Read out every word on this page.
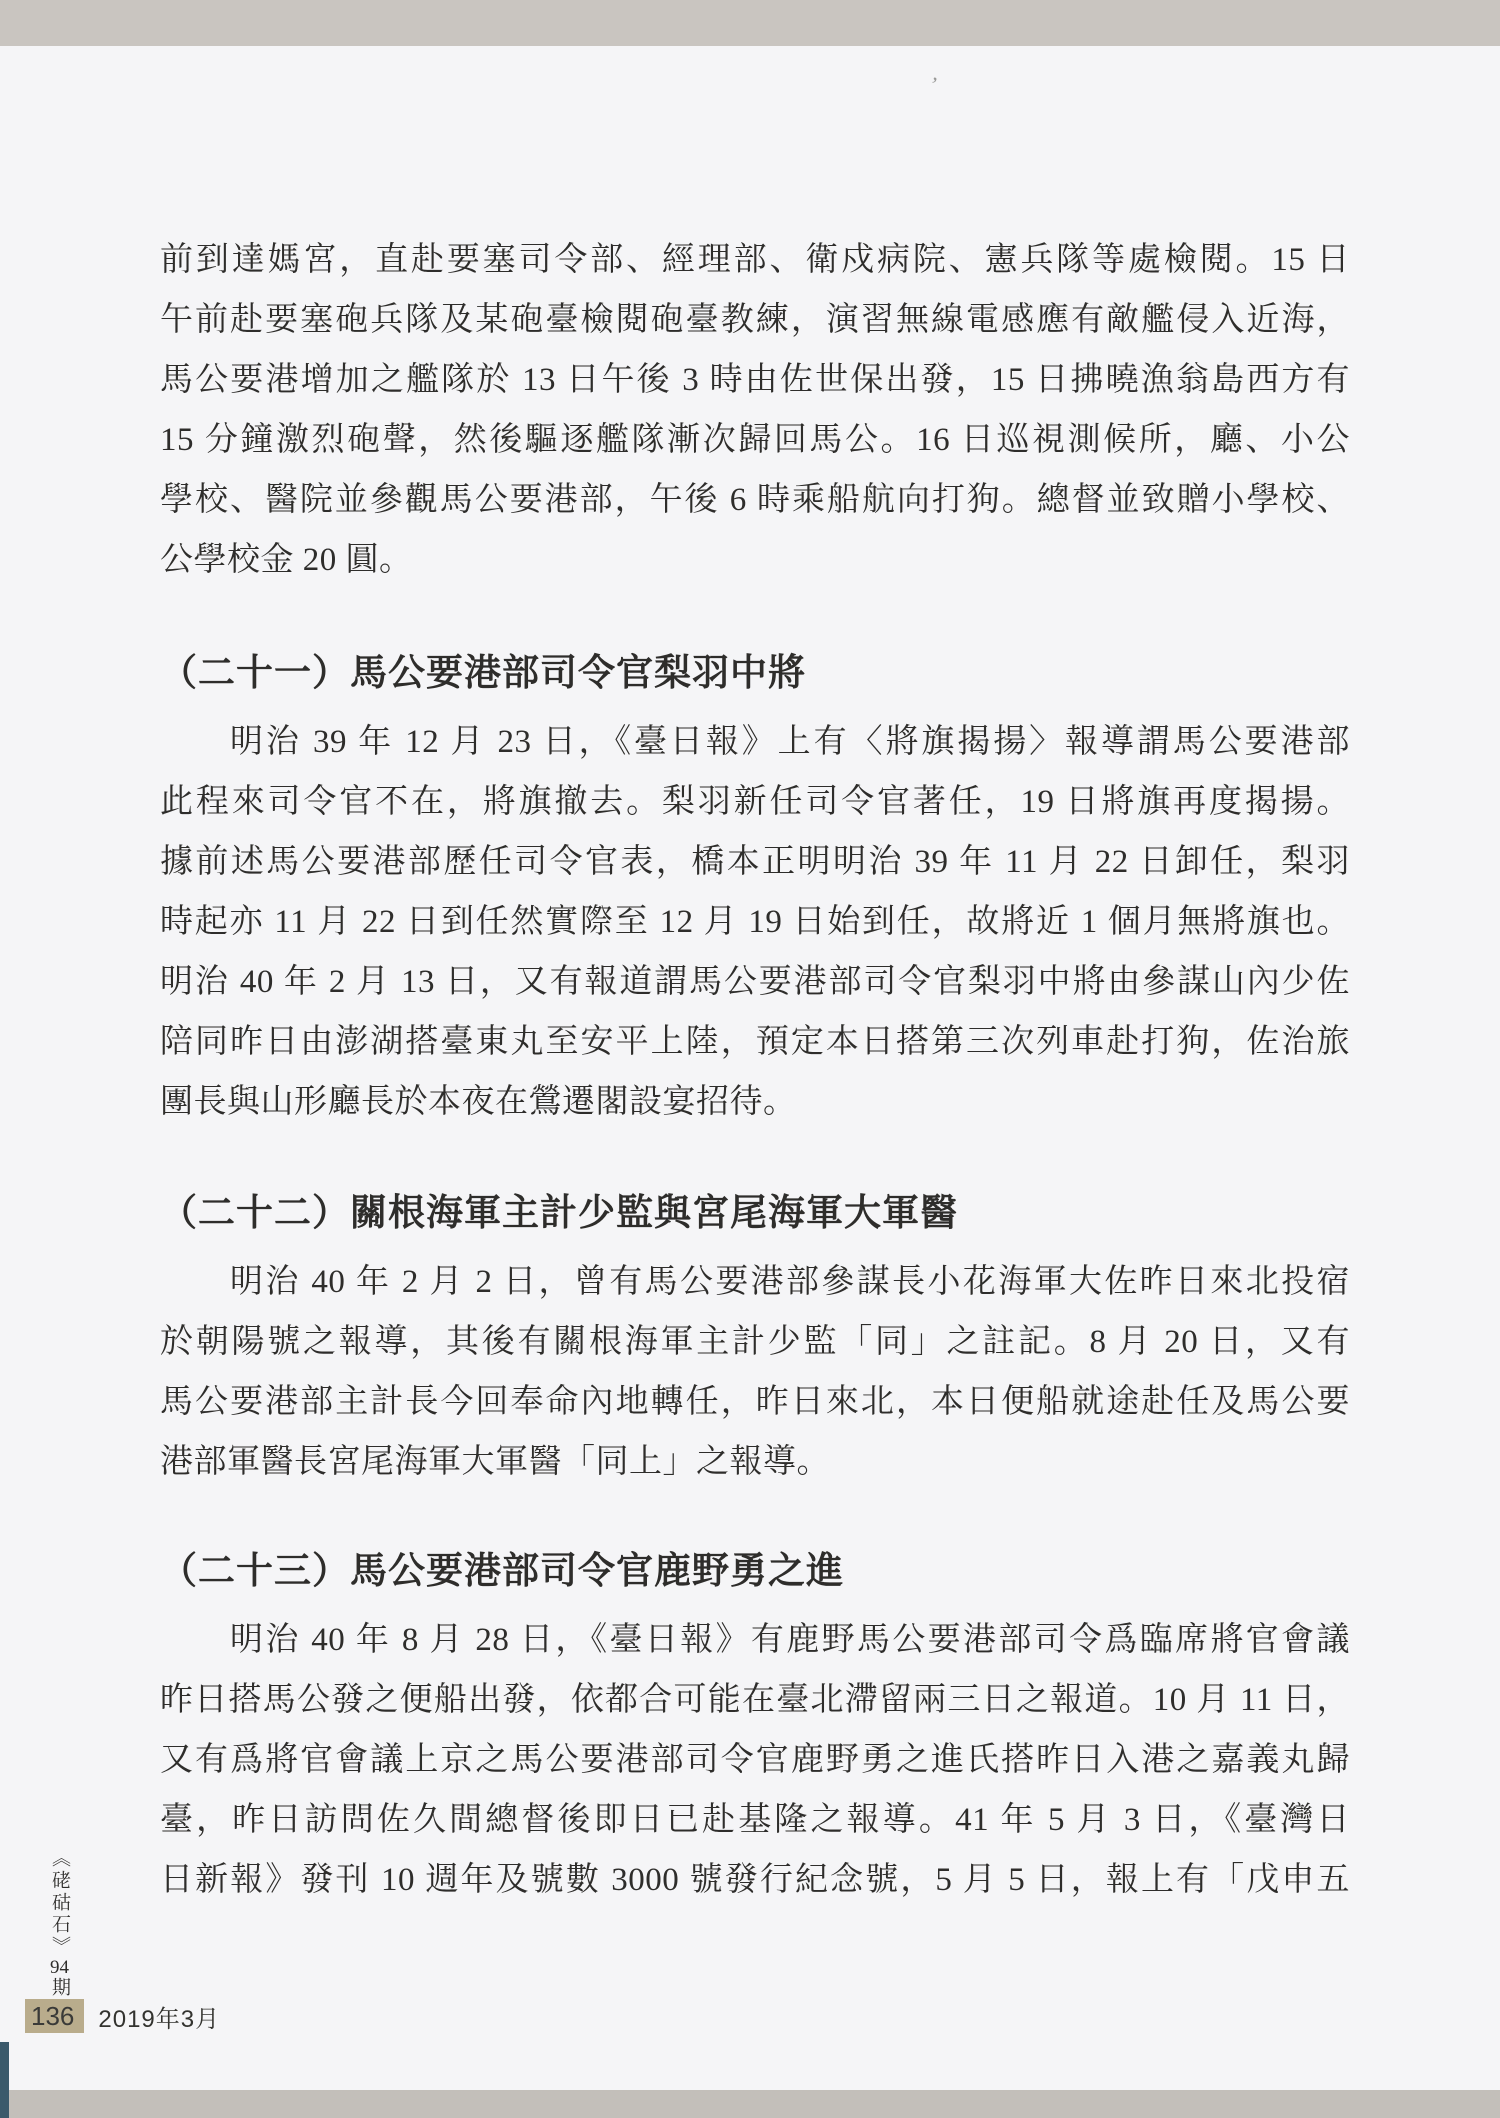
’
前到達媽宮，直赴要塞司令部、經理部、衛戍病院、憲兵隊等處檢閱。15 日
午前赴要塞砲兵隊及某砲臺檢閱砲臺教練，演習無線電感應有敵艦侵入近海，
馬公要港增加之艦隊於 13 日午後 3 時由佐世保出發，15 日拂曉漁翁島西方有
15 分鐘激烈砲聲，然後驅逐艦隊漸次歸回馬公。16 日巡視測候所，廳、小公
學校、醫院並參觀馬公要港部，午後 6 時乘船航向打狗。總督並致贈小學校、
公學校金 20 圓。
（二十一）馬公要港部司令官梨羽中將
明治 39 年 12 月 23 日，《臺日報》上有〈將旗揭揚〉報導謂馬公要港部
此程來司令官不在，將旗撤去。梨羽新任司令官著任，19 日將旗再度揭揚。
據前述馬公要港部歷任司令官表，橋本正明明治 39 年 11 月 22 日卸任，梨羽
時起亦 11 月 22 日到任然實際至 12 月 19 日始到任，故將近 1 個月無將旗也。
明治 40 年 2 月 13 日，又有報道謂馬公要港部司令官梨羽中將由參謀山內少佐
陪同昨日由澎湖搭臺東丸至安平上陸，預定本日搭第三次列車赴打狗，佐治旅
團長與山形廳長於本夜在鶯遷閣設宴招待。
（二十二）關根海軍主計少監與宮尾海軍大軍醫
明治 40 年 2 月 2 日，曾有馬公要港部參謀長小花海軍大佐昨日來北投宿
於朝陽號之報導，其後有關根海軍主計少監「同」之註記。8 月 20 日，又有
馬公要港部主計長今回奉命內地轉任，昨日來北，本日便船就途赴任及馬公要
港部軍醫長宮尾海軍大軍醫「同上」之報導。
（二十三）馬公要港部司令官鹿野勇之進
明治 40 年 8 月 28 日，《臺日報》有鹿野馬公要港部司令爲臨席將官會議
昨日搭馬公發之便船出發，依都合可能在臺北滯留兩三日之報道。10 月 11 日，
又有爲將官會議上京之馬公要港部司令官鹿野勇之進氏搭昨日入港之嘉義丸歸
臺，昨日訪問佐久間總督後即日已赴基隆之報導。41 年 5 月 3 日，《臺灣日
日新報》發刊 10 週年及號數 3000 號發行紀念號，5 月 5 日，報上有「戊申五
《硓𥑮石》94期
136	2019年3月
